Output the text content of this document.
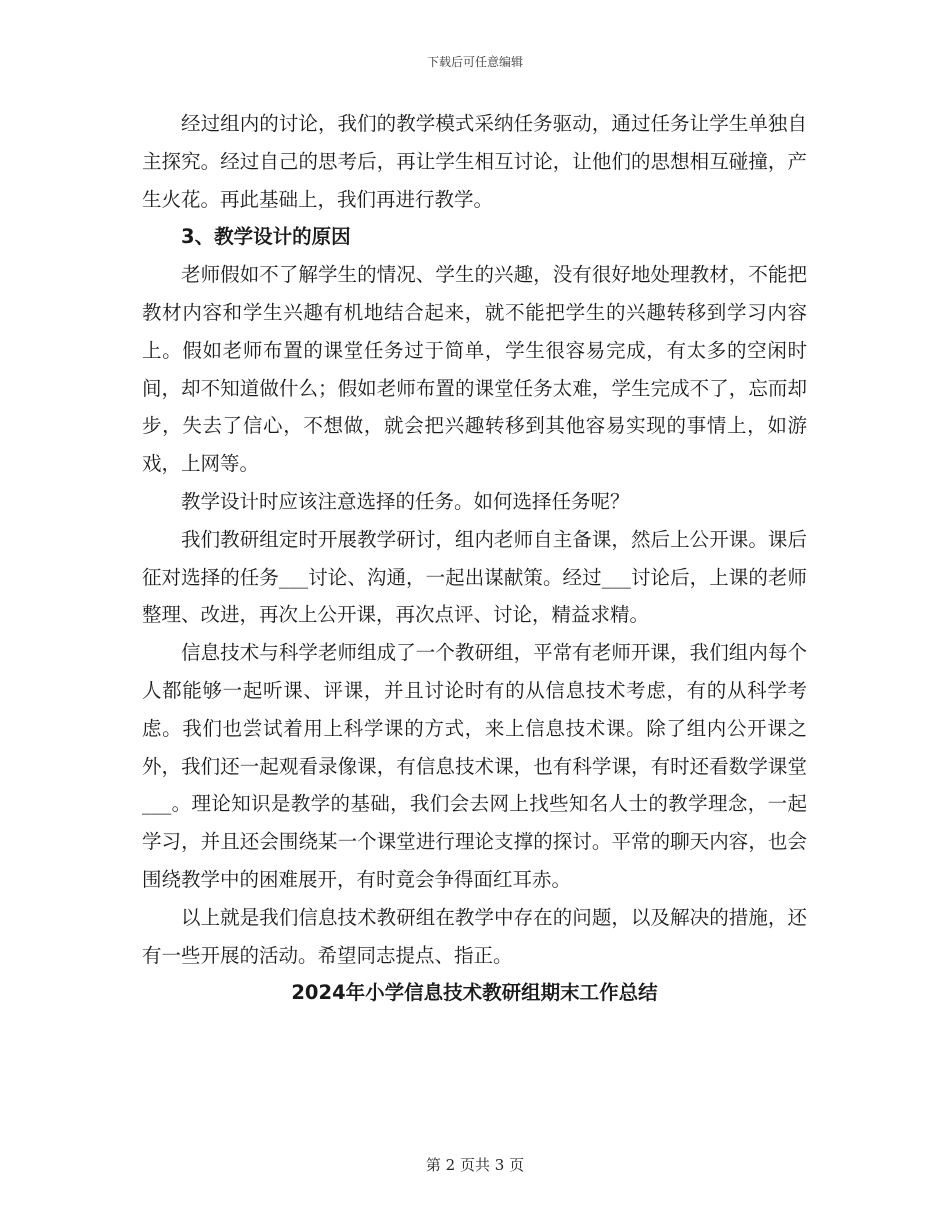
下载后可任意编辑

经过组内的讨论，我们的教学模式采纳任务驱动，通过任务让学生单独自主探究。经过自己的思考后，再让学生相互讨论，让他们的思想相互碰撞，产生火花。再此基础上，我们再进行教学。

3、教学设计的原因

老师假如不了解学生的情况、学生的兴趣，没有很好地处理教材，不能把教材内容和学生兴趣有机地结合起来，就不能把学生的兴趣转移到学习内容上。假如老师布置的课堂任务过于简单，学生很容易完成，有太多的空闲时间，却不知道做什么；假如老师布置的课堂任务太难，学生完成不了，忘而却步，失去了信心，不想做，就会把兴趣转移到其他容易实现的事情上，如游戏，上网等。

教学设计时应该注意选择的任务。如何选择任务呢？

我们教研组定时开展教学研讨，组内老师自主备课，然后上公开课。课后征对选择的任务___讨论、沟通，一起出谋献策。经过___讨论后，上课的老师整理、改进，再次上公开课，再次点评、讨论，精益求精。

信息技术与科学老师组成了一个教研组，平常有老师开课，我们组内每个人都能够一起听课、评课，并且讨论时有的从信息技术考虑，有的从科学考虑。我们也尝试着用上科学课的方式，来上信息技术课。除了组内公开课之外，我们还一起观看录像课，有信息技术课，也有科学课，有时还看数学课堂___。理论知识是教学的基础，我们会去网上找些知名人士的教学理念，一起学习，并且还会围绕某一个课堂进行理论支撑的探讨。平常的聊天内容，也会围绕教学中的困难展开，有时竟会争得面红耳赤。

以上就是我们信息技术教研组在教学中存在的问题，以及解决的措施，还有一些开展的活动。希望同志提点、指正。

2024年小学信息技术教研组期末工作总结

第 2 页共 3 页
